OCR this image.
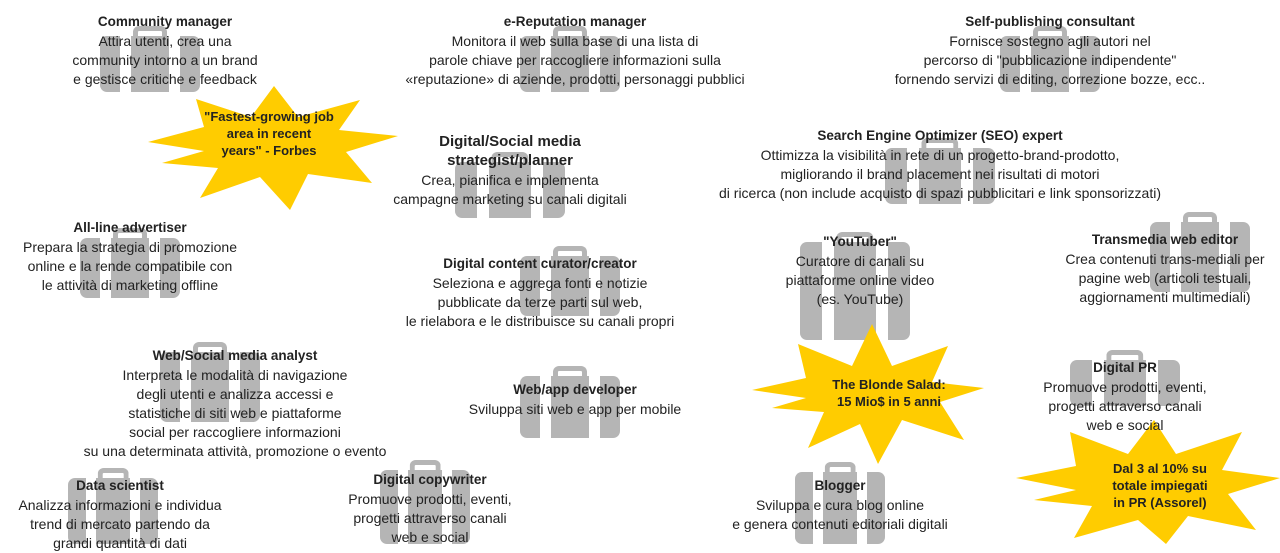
"Fastest-growing job
area in recent
years" - Forbes
The Blonde Salad:
15 Mio$ in 5 anni
Dal 3 al 10% su
totale impiegati
in PR (Assorel)
Community manager
Attira utenti, crea una
community intorno a un brand
e gestisce critiche e feedback
e-Reputation manager
Monitora il web sulla base di una lista di
parole chiave per raccogliere informazioni sulla
«reputazione» di aziende, prodotti, personaggi pubblici
Self-publishing consultant
Fornisce sostegno agli autori nel
percorso di "pubblicazione indipendente"
fornendo servizi di editing, correzione bozze, ecc..
Digital/Social media
strategist/planner
Crea, pianifica e implementa
campagne marketing su canali digitali
Search Engine Optimizer (SEO) expert
Ottimizza la visibilità in rete di un progetto-brand-prodotto,
migliorando il brand placement nei risultati di motori
di ricerca (non include acquisto di spazi pubblicitari e link sponsorizzati)
All-line advertiser
Prepara la strategia di promozione
online e la rende compatibile con
le attività di marketing offline
Digital content curator/creator
Seleziona e aggrega fonti e notizie
pubblicate da terze parti sul web,
le rielabora e le distribuisce su canali propri
"YouTuber"
Curatore di canali su
piattaforme online video
(es. YouTube)
Transmedia web editor
Crea contenuti trans-mediali per
pagine web (articoli testuali,
aggiornamenti multimediali)
Web/Social media analyst
Interpreta le modalità di navigazione
degli utenti e analizza accessi e
statistiche di siti web e piattaforme
social per raccogliere informazioni
su una determinata attività, promozione o evento
Digital PR
Promuove prodotti, eventi,
progetti attraverso canali
web e social
Web/app developer
Sviluppa siti web e app per mobile
Data scientist
Analizza informazioni e individua
trend di mercato partendo da
grandi quantità di dati
Digital copywriter
Promuove prodotti, eventi,
progetti attraverso canali
web e social
Blogger
Sviluppa e cura blog online
e genera contenuti editoriali digitali
